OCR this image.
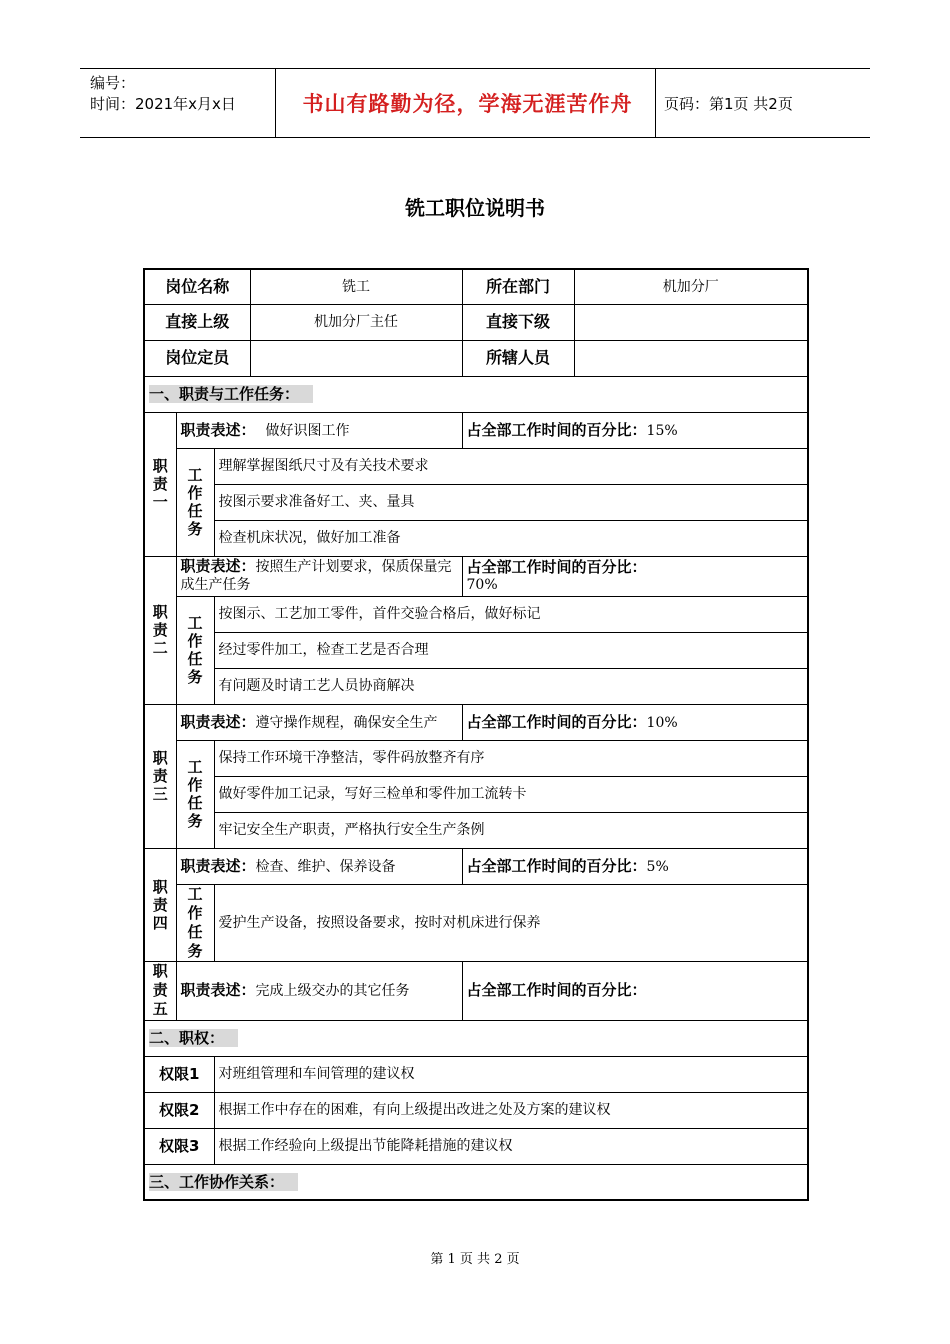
编号：
时间：2021年x月x日	书山有路勤为径，学海无涯苦作舟	页码：第1页 共2页
铣工职位说明书
岗位名称			铣工	所在部门	机加分厂
直接上级			机加分厂主任	直接下级	
岗位定员				所辖人员	
一、职责与工作任务：					
职责一	职责表述： 做好识图工作			占全部工作时间的百分比：15%	
	工作任务	理解掌握图纸尺寸及有关技术要求			
		按图示要求准备好工、夹、量具			
		检查机床状况，做好加工准备			
职责二	职责表述：按照生产计划要求，保质保量完成生产任务			占全部工作时间的百分比：
70%	
	工作任务	按图示、工艺加工零件，首件交验合格后，做好标记			
		经过零件加工，检查工艺是否合理			
		有问题及时请工艺人员协商解决			
职责三	职责表述：遵守操作规程，确保安全生产			占全部工作时间的百分比：10%	
	工作任务	保持工作环境干净整洁，零件码放整齐有序			
		做好零件加工记录，写好三检单和零件加工流转卡			
		牢记安全生产职责，严格执行安全生产条例			
职责四	职责表述：检查、维护、保养设备			占全部工作时间的百分比：5%	
	工作任务	爱护生产设备，按照设备要求，按时对机床进行保养			
职责五	职责表述：完成上级交办的其它任务			占全部工作时间的百分比：	
二、职权：					
权限1		对班组管理和车间管理的建议权			
权限2		根据工作中存在的困难，有向上级提出改进之处及方案的建议权			
权限3		根据工作经验向上级提出节能降耗措施的建议权			
三、工作协作关系：					
第 1 页 共 2 页
